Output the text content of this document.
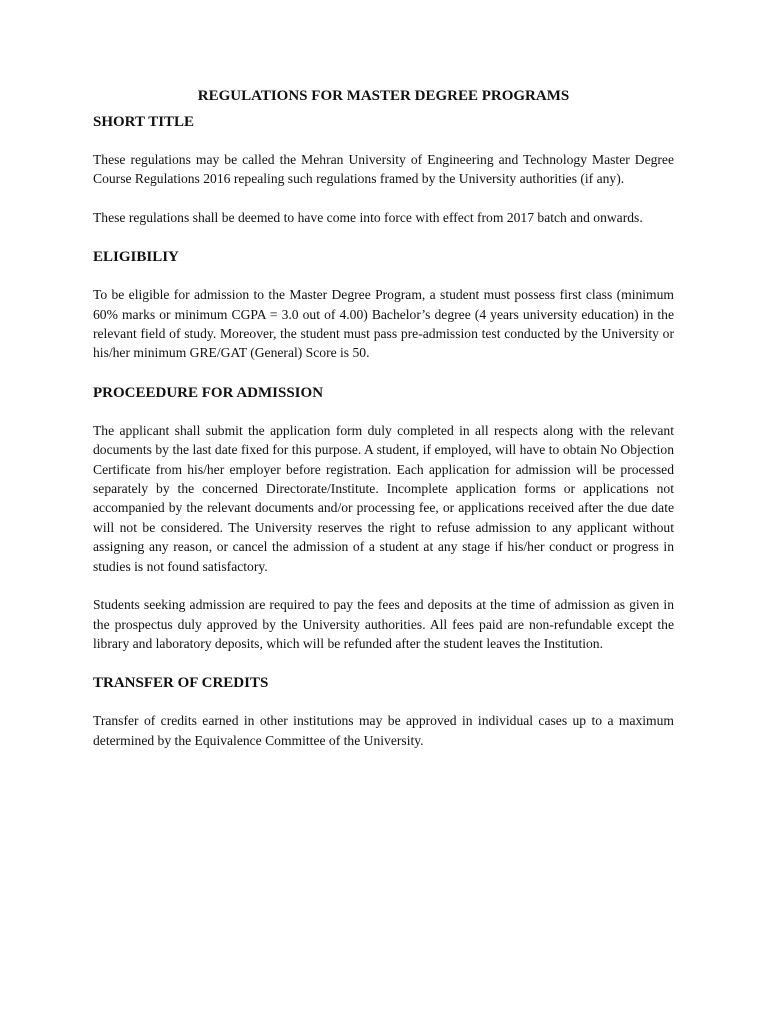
REGULATIONS FOR MASTER DEGREE PROGRAMS
SHORT TITLE

These regulations may be called the Mehran University of Engineering and Technology Master Degree Course Regulations 2016 repealing such regulations framed by the University authorities (if any).

These regulations shall be deemed to have come into force with effect from 2017 batch and onwards.

ELIGIBILIY

To be eligible for admission to the Master Degree Program, a student must possess first class (minimum 60% marks or minimum CGPA = 3.0 out of 4.00) Bachelor’s degree (4 years university education) in the relevant field of study. Moreover, the student must pass pre-admission test conducted by the University or his/her minimum GRE/GAT (General) Score is 50.

PROCEEDURE FOR ADMISSION

The applicant shall submit the application form duly completed in all respects along with the relevant documents by the last date fixed for this purpose. A student, if employed, will have to obtain No Objection Certificate from his/her employer before registration. Each application for admission will be processed separately by the concerned Directorate/Institute. Incomplete application forms or applications not accompanied by the relevant documents and/or processing fee, or applications received after the due date will not be considered. The University reserves the right to refuse admission to any applicant without assigning any reason, or cancel the admission of a student at any stage if his/her conduct or progress in studies is not found satisfactory.

Students seeking admission are required to pay the fees and deposits at the time of admission as given in the prospectus duly approved by the University authorities. All fees paid are non-refundable except the library and laboratory deposits, which will be refunded after the student leaves the Institution.

TRANSFER OF CREDITS

Transfer of credits earned in other institutions may be approved in individual cases up to a maximum determined by the Equivalence Committee of the University.
